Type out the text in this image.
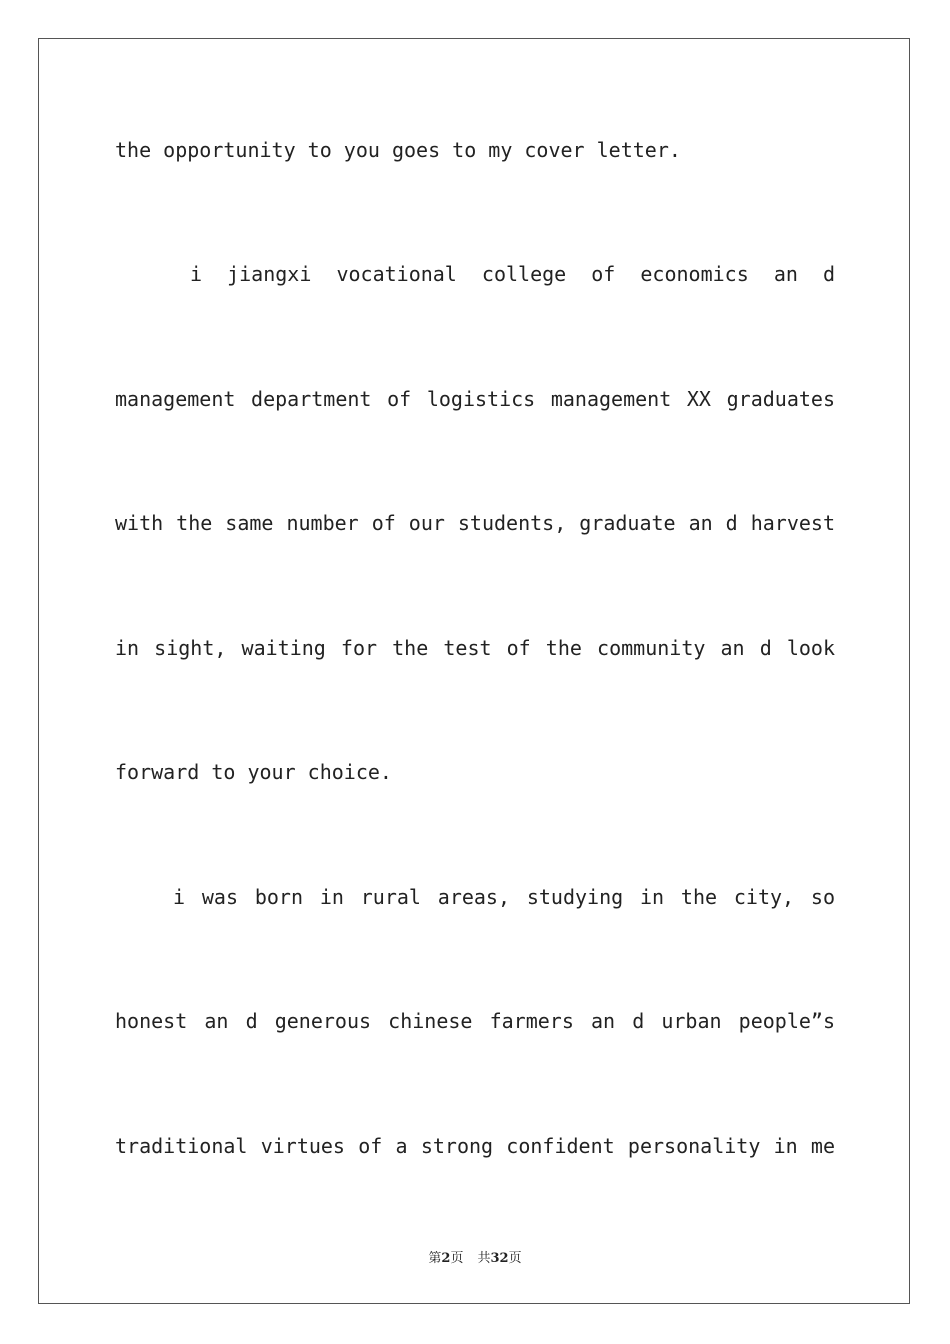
the opportunity to you goes to my cover letter.
i jiangxi vocational college of economics an d
management department of logistics management XX graduates
with the same number of our students, graduate an d harvest
in sight, waiting for the test of the community an d look
forward to your choice.
i was born in rural areas, studying in the city, so
honest an d generous chinese farmers an d urban people”s
traditional virtues of a strong confident personality in me
第2页 共32页
